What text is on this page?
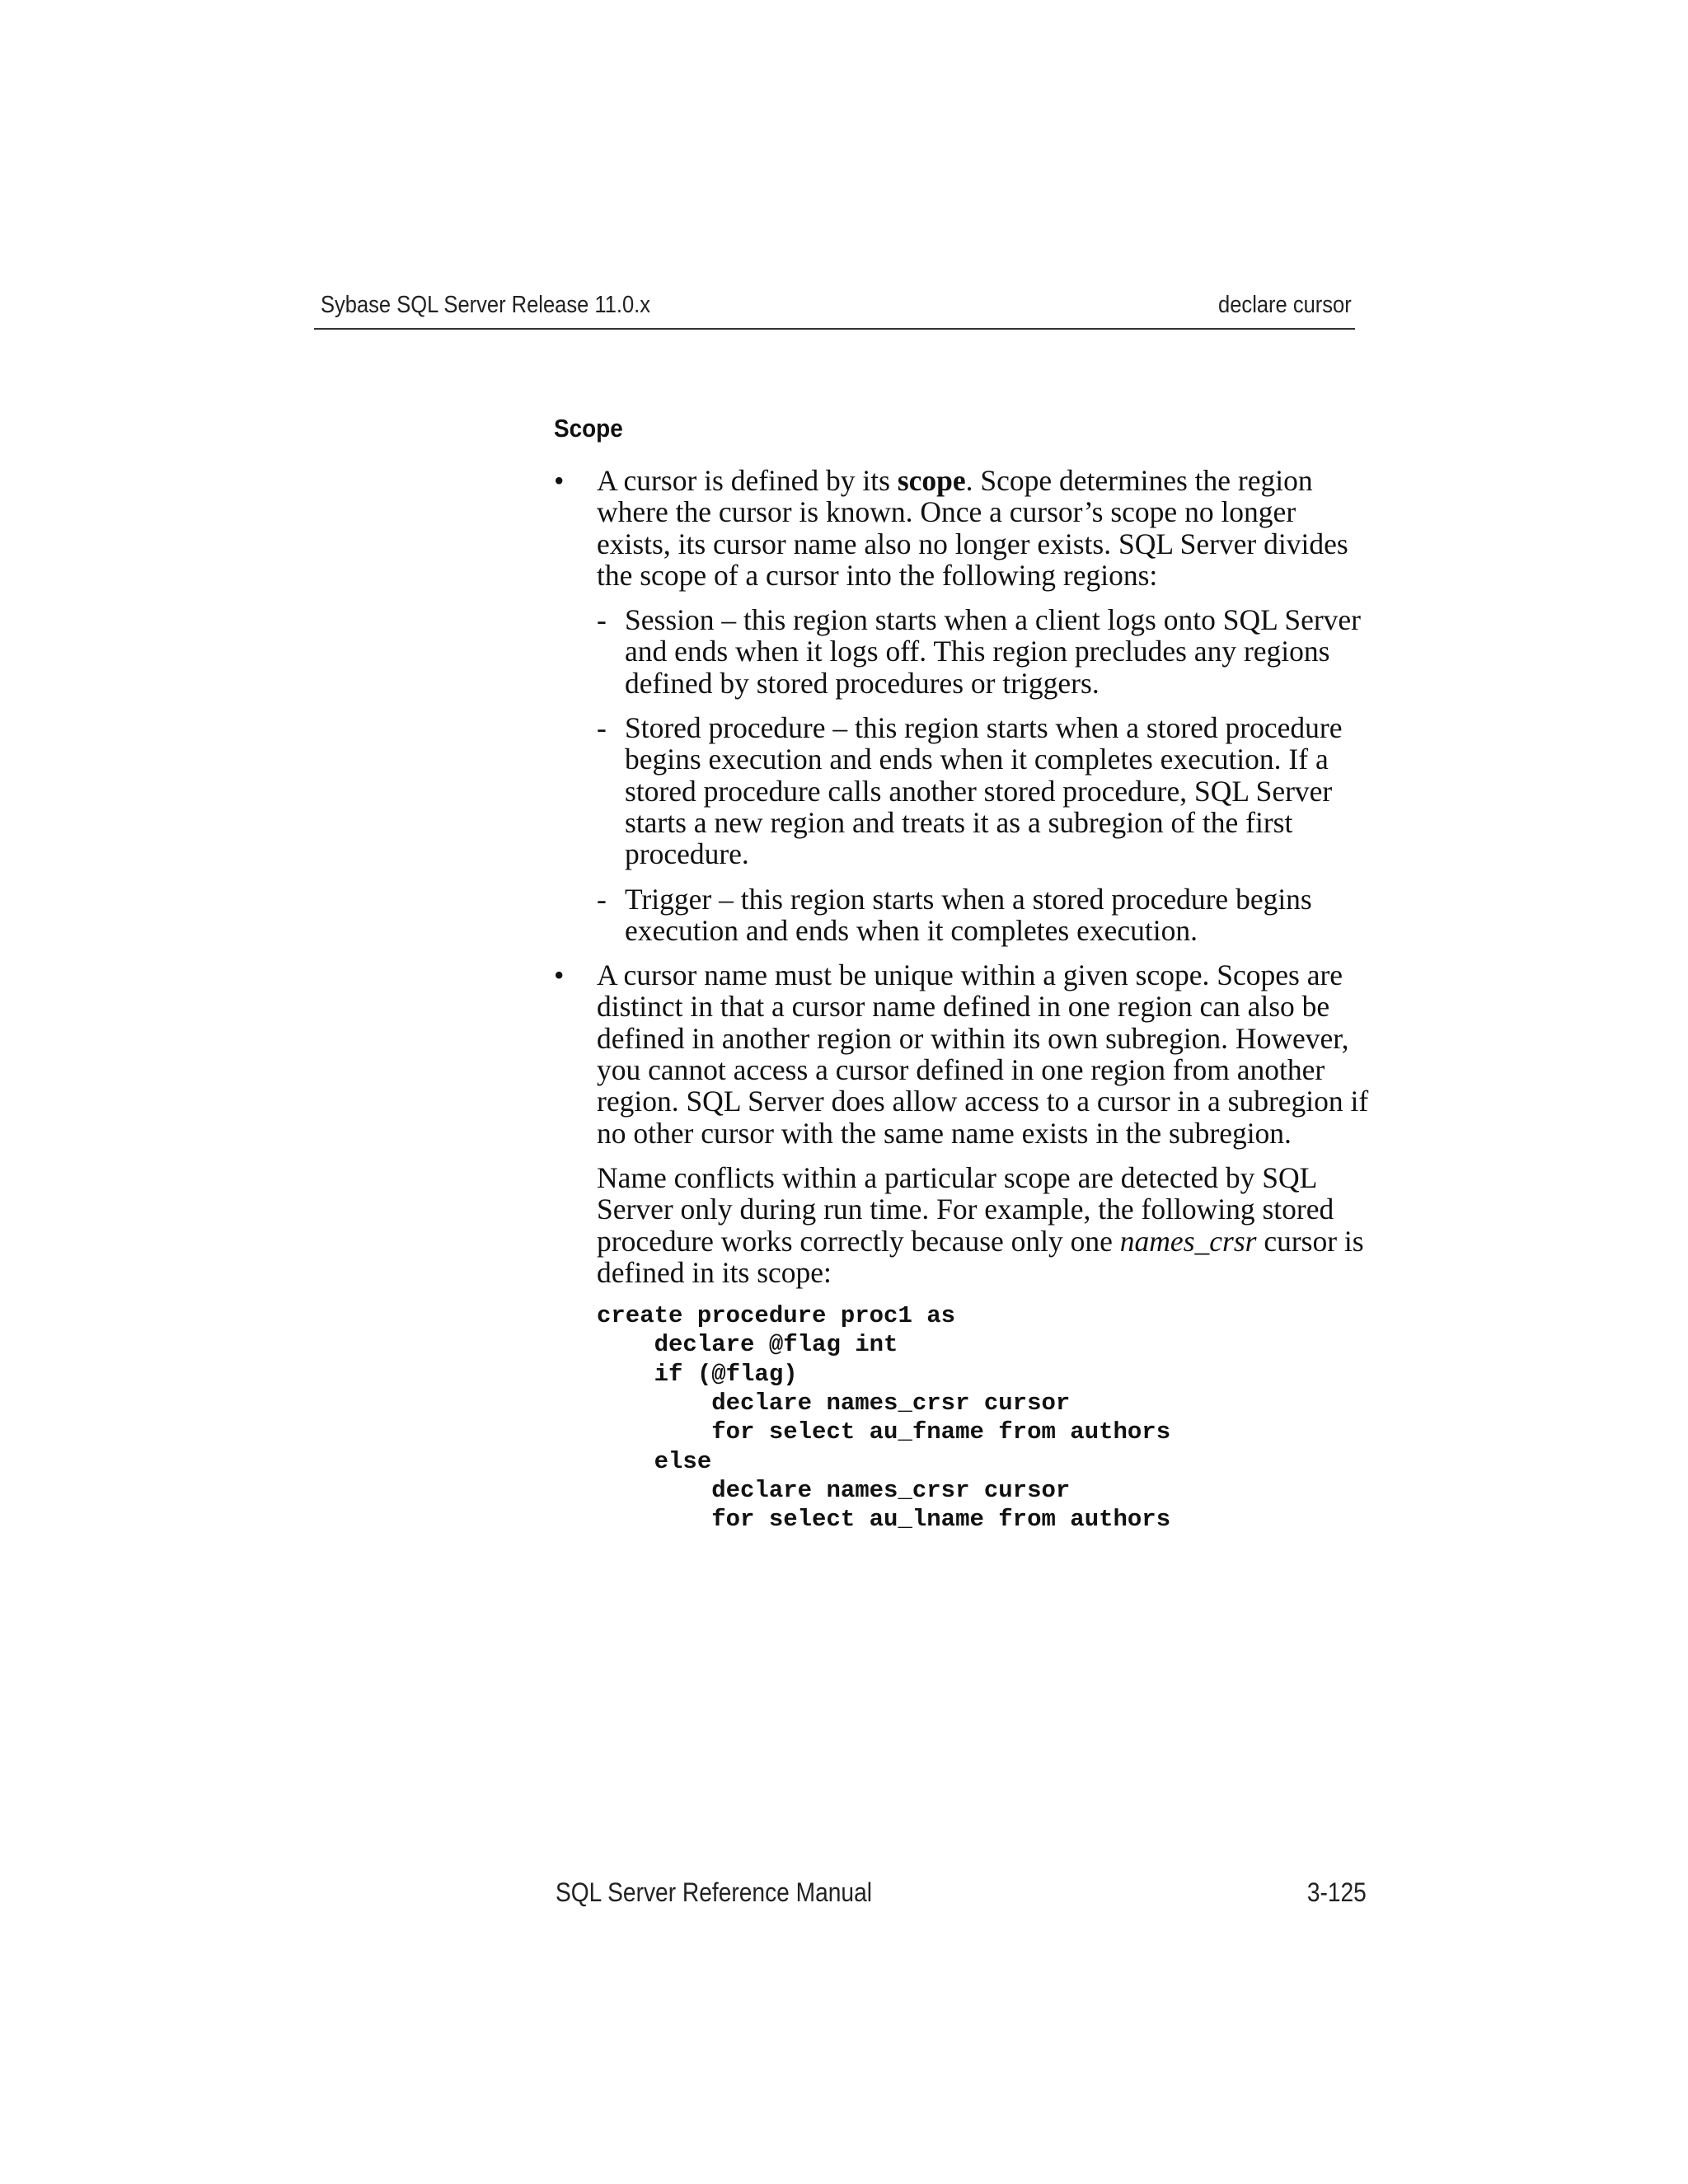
Sybase SQL Server Release 11.0.x	declare cursor
Scope
•	A cursor is defined by its scope. Scope determines the region where the cursor is known. Once a cursor’s scope no longer exists, its cursor name also no longer exists. SQL Server divides the scope of a cursor into the following regions:

- Session – this region starts when a client logs onto SQL Server and ends when it logs off. This region precludes any regions defined by stored procedures or triggers.
- Stored procedure – this region starts when a stored procedure begins execution and ends when it completes execution. If a stored procedure calls another stored procedure, SQL Server starts a new region and treats it as a subregion of the first procedure.
- Trigger – this region starts when a stored procedure begins execution and ends when it completes execution.
•	A cursor name must be unique within a given scope. Scopes are distinct in that a cursor name defined in one region can also be defined in another region or within its own subregion. However, you cannot access a cursor defined in one region from another region. SQL Server does allow access to a cursor in a subregion if no other cursor with the same name exists in the subregion.

Name conflicts within a particular scope are detected by SQL Server only during run time. For example, the following stored procedure works correctly because only one names_crsr cursor is defined in its scope:

create procedure proc1 as
declare @flag int
if (@flag)
declare names_crsr cursor
for select au_fname from authors
else
declare names_crsr cursor
for select au_lname from authors
SQL Server Reference Manual	3-125
